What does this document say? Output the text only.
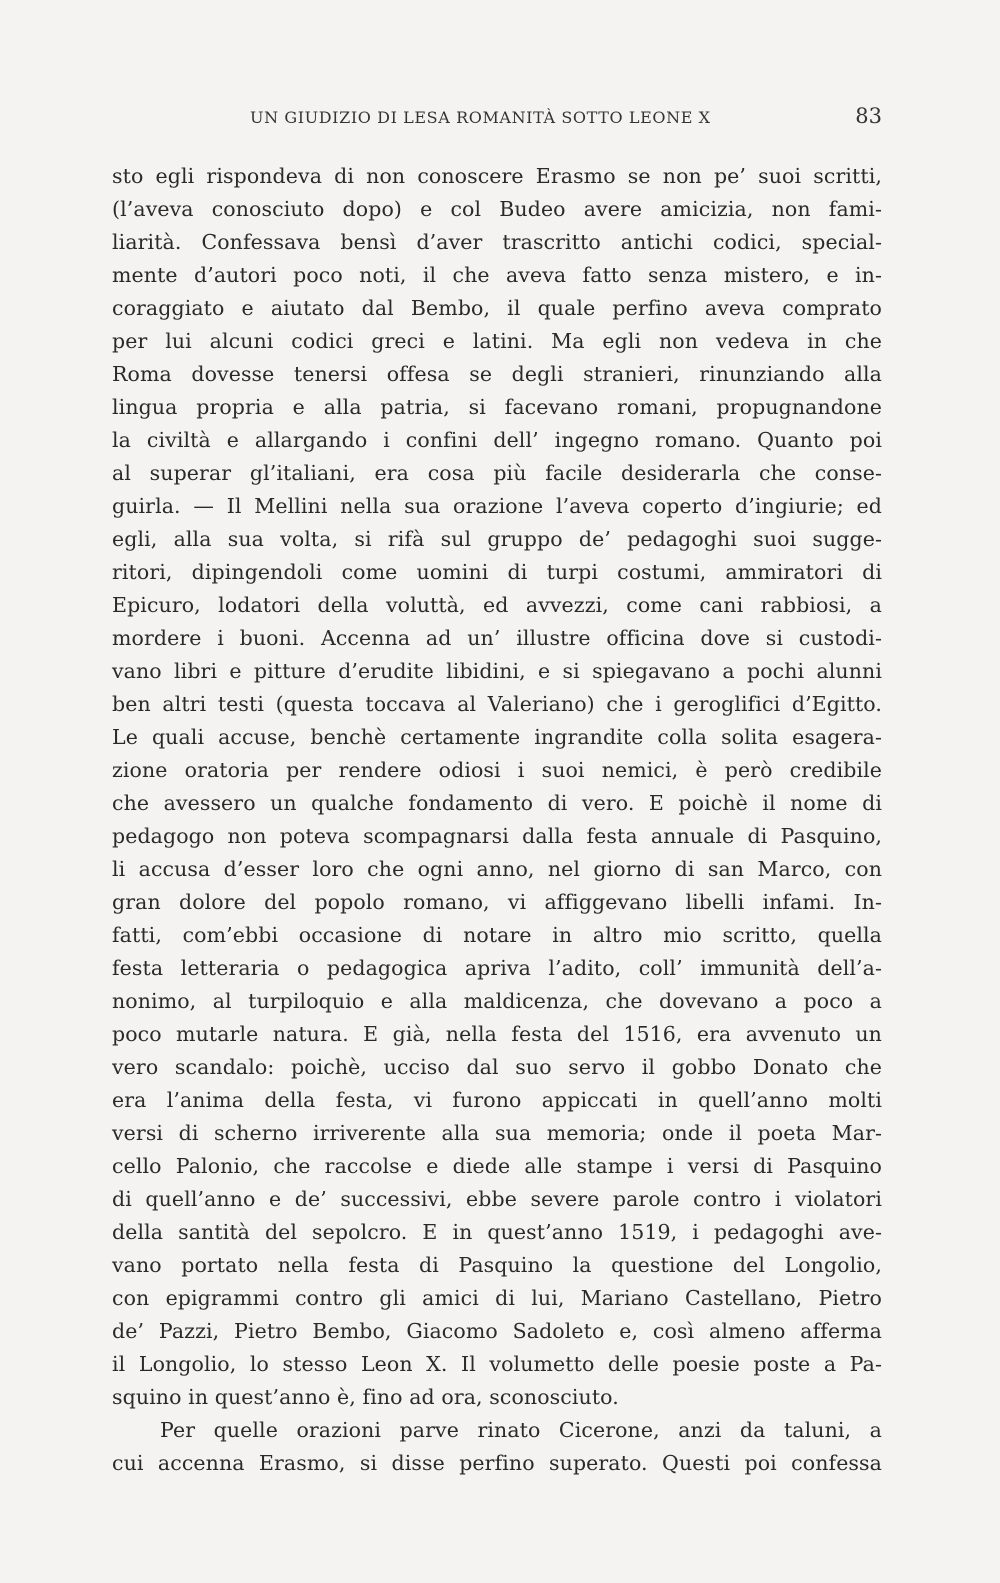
UN GIUDIZIO DI LESA ROMANITÀ SOTTO LEONE X	83
sto egli rispondeva di non conoscere Erasmo se non pe’ suoi scritti,
(l’aveva conosciuto dopo) e col Budeo avere amicizia, non fami-
liarità. Confessava bensì d’aver trascritto antichi codici, special-
mente d’autori poco noti, il che aveva fatto senza mistero, e in-
coraggiato e aiutato dal Bembo, il quale perfino aveva comprato
per lui alcuni codici greci e latini. Ma egli non vedeva in che
Roma dovesse tenersi offesa se degli stranieri, rinunziando alla
lingua propria e alla patria, si facevano romani, propugnandone
la civiltà e allargando i confini dell’ ingegno romano. Quanto poi
al superar gl’italiani, era cosa più facile desiderarla che conse-
guirla. — Il Mellini nella sua orazione l’aveva coperto d’ingiurie; ed
egli, alla sua volta, si rifà sul gruppo de’ pedagoghi suoi sugge-
ritori, dipingendoli come uomini di turpi costumi, ammiratori di
Epicuro, lodatori della voluttà, ed avvezzi, come cani rabbiosi, a
mordere i buoni. Accenna ad un’ illustre officina dove si custodi-
vano libri e pitture d’erudite libidini, e si spiegavano a pochi alunni
ben altri testi (questa toccava al Valeriano) che i geroglifici d’Egitto.
Le quali accuse, benchè certamente ingrandite colla solita esagera-
zione oratoria per rendere odiosi i suoi nemici, è però credibile
che avessero un qualche fondamento di vero. E poichè il nome di
pedagogo non poteva scompagnarsi dalla festa annuale di Pasquino,
li accusa d’esser loro che ogni anno, nel giorno di san Marco, con
gran dolore del popolo romano, vi affiggevano libelli infami. In-
fatti, com’ebbi occasione di notare in altro mio scritto, quella
festa letteraria o pedagogica apriva l’adito, coll’ immunità dell’a-
nonimo, al turpiloquio e alla maldicenza, che dovevano a poco a
poco mutarle natura. E già, nella festa del 1516, era avvenuto un
vero scandalo: poichè, ucciso dal suo servo il gobbo Donato che
era l’anima della festa, vi furono appiccati in quell’anno molti
versi di scherno irriverente alla sua memoria; onde il poeta Mar-
cello Palonio, che raccolse e diede alle stampe i versi di Pasquino
di quell’anno e de’ successivi, ebbe severe parole contro i violatori
della santità del sepolcro. E in quest’anno 1519, i pedagoghi ave-
vano portato nella festa di Pasquino la questione del Longolio,
con epigrammi contro gli amici di lui, Mariano Castellano, Pietro
de’ Pazzi, Pietro Bembo, Giacomo Sadoleto e, così almeno afferma
il Longolio, lo stesso Leon X. Il volumetto delle poesie poste a Pa-
squino in quest’anno è, fino ad ora, sconosciuto.
Per quelle orazioni parve rinato Cicerone, anzi da taluni, a
cui accenna Erasmo, si disse perfino superato. Questi poi confessa
